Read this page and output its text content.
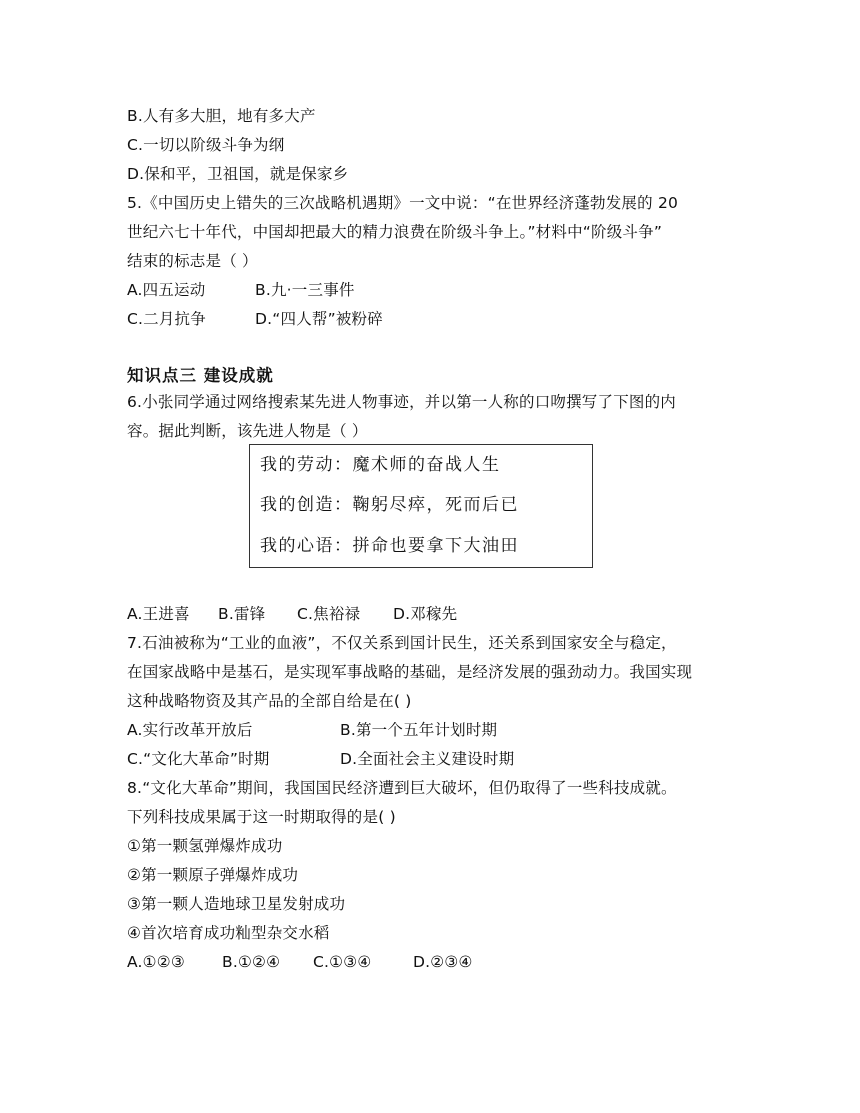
B.人有多大胆，地有多大产
C.一切以阶级斗争为纲
D.保和平，卫祖国，就是保家乡
5.《中国历史上错失的三次战略机遇期》一文中说：“在世界经济蓬勃发展的 20
世纪六七十年代，中国却把最大的精力浪费在阶级斗争上。”材料中“阶级斗争”
结束的标志是（ ）
A.四五运动	B.九·一三事件
C.二月抗争	D.“四人帮”被粉碎
知识点三 建设成就
6.小张同学通过网络搜索某先进人物事迹，并以第一人称的口吻撰写了下图的内
容。据此判断，该先进人物是（ ）
我的劳动：魔术师的奋战人生
我的创造：鞠躬尽瘁，死而后已
我的心语：拼命也要拿下大油田
A.王进喜	B.雷锋	C.焦裕禄	D.邓稼先
7.石油被称为“工业的血液”，不仅关系到国计民生，还关系到国家安全与稳定，
在国家战略中是基石，是实现军事战略的基础，是经济发展的强劲动力。我国实现
这种战略物资及其产品的全部自给是在( )
A.实行改革开放后	B.第一个五年计划时期
C.“文化大革命”时期	D.全面社会主义建设时期
8.“文化大革命”期间，我国国民经济遭到巨大破坏，但仍取得了一些科技成就。
下列科技成果属于这一时期取得的是( )
①第一颗氢弹爆炸成功
②第一颗原子弹爆炸成功
③第一颗人造地球卫星发射成功
④首次培育成功籼型杂交水稻
A.①②③	B.①②④	C.①③④	D.②③④
